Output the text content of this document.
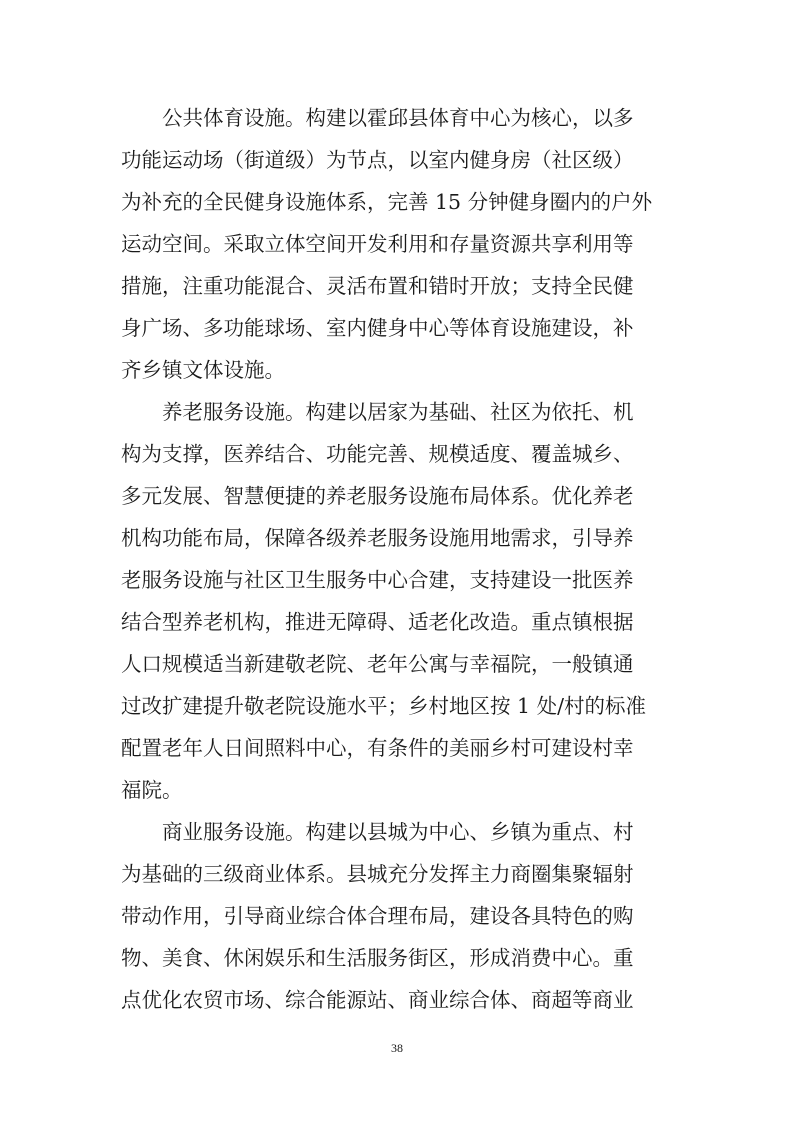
公共体育设施。构建以霍邱县体育中心为核心，以多
功能运动场（街道级）为节点，以室内健身房（社区级）
为补充的全民健身设施体系，完善 15 分钟健身圈内的户外
运动空间。采取立体空间开发利用和存量资源共享利用等
措施，注重功能混合、灵活布置和错时开放；支持全民健
身广场、多功能球场、室内健身中心等体育设施建设，补
齐乡镇文体设施。
养老服务设施。构建以居家为基础、社区为依托、机
构为支撑，医养结合、功能完善、规模适度、覆盖城乡、
多元发展、智慧便捷的养老服务设施布局体系。优化养老
机构功能布局，保障各级养老服务设施用地需求，引导养
老服务设施与社区卫生服务中心合建，支持建设一批医养
结合型养老机构，推进无障碍、适老化改造。重点镇根据
人口规模适当新建敬老院、老年公寓与幸福院，一般镇通
过改扩建提升敬老院设施水平；乡村地区按 1 处/村的标准
配置老年人日间照料中心，有条件的美丽乡村可建设村幸
福院。
商业服务设施。构建以县城为中心、乡镇为重点、村
为基础的三级商业体系。县城充分发挥主力商圈集聚辐射
带动作用，引导商业综合体合理布局，建设各具特色的购
物、美食、休闲娱乐和生活服务街区，形成消费中心。重
点优化农贸市场、综合能源站、商业综合体、商超等商业
38
